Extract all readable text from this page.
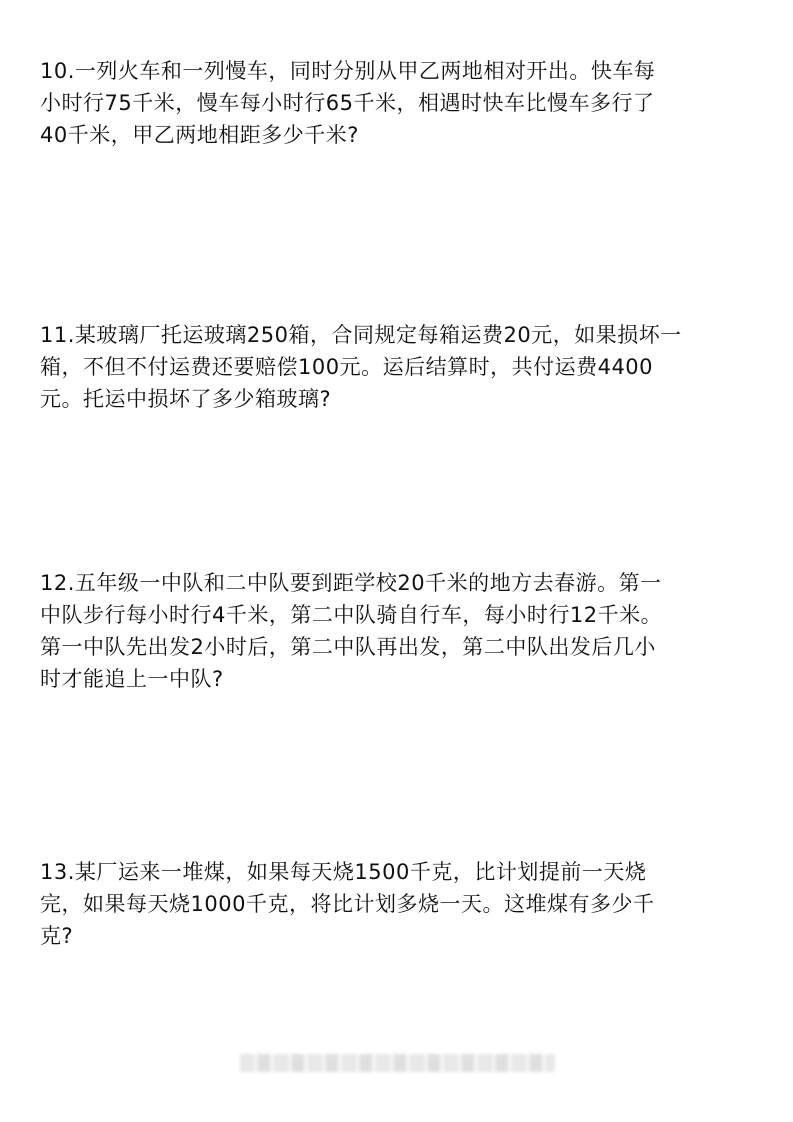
10.一列火车和一列慢车，同时分别从甲乙两地相对开出。快车每
小时行75千米，慢车每小时行65千米，相遇时快车比慢车多行了
40千米，甲乙两地相距多少千米?
11.某玻璃厂托运玻璃250箱，合同规定每箱运费20元，如果损坏一
箱，不但不付运费还要赔偿100元。运后结算时，共付运费4400
元。托运中损坏了多少箱玻璃?
12.五年级一中队和二中队要到距学校20千米的地方去春游。第一
中队步行每小时行4千米，第二中队骑自行车，每小时行12千米。
第一中队先出发2小时后，第二中队再出发，第二中队出发后几小
时才能追上一中队?
13.某厂运来一堆煤，如果每天烧1500千克，比计划提前一天烧
完，如果每天烧1000千克，将比计划多烧一天。这堆煤有多少千
克?
